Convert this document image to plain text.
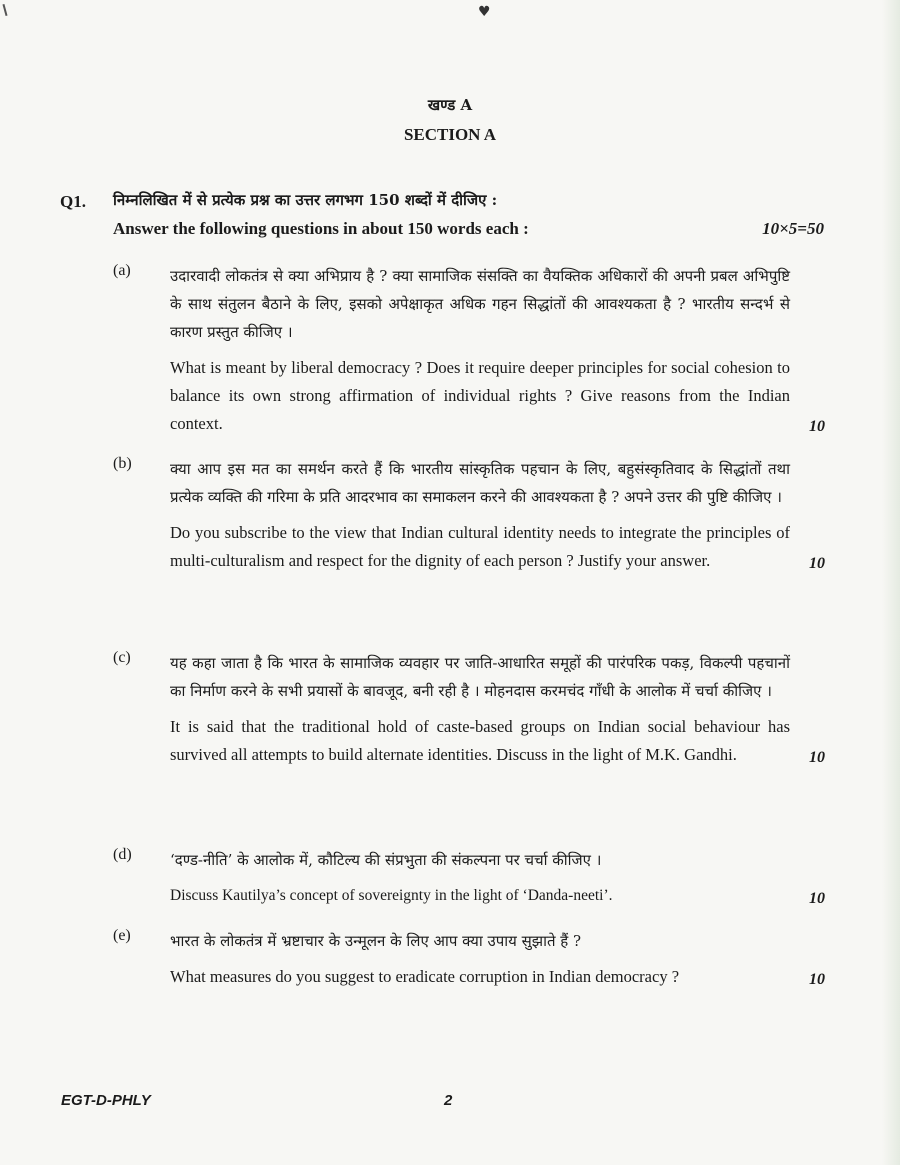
♥
खण्ड A
SECTION A
Q1. निम्नलिखित में से प्रत्येक प्रश्न का उत्तर लगभग 150 शब्दों में दीजिए :
Answer the following questions in about 150 words each :	10×5=50
(a)	उदारवादी लोकतंत्र से क्या अभिप्राय है ? क्या सामाजिक संसक्ति का वैयक्तिक अधिकारों की अपनी प्रबल अभिपुष्टि के साथ संतुलन बैठाने के लिए, इसको अपेक्षाकृत अधिक गहन सिद्धांतों की आवश्यकता है ? भारतीय सन्दर्भ से कारण प्रस्तुत कीजिए ।
What is meant by liberal democracy ? Does it require deeper principles for social cohesion to balance its own strong affirmation of individual rights ? Give reasons from the Indian context.	10
(b)	क्या आप इस मत का समर्थन करते हैं कि भारतीय सांस्कृतिक पहचान के लिए, बहुसंस्कृतिवाद के सिद्धांतों तथा प्रत्येक व्यक्ति की गरिमा के प्रति आदरभाव का समाकलन करने की आवश्यकता है ? अपने उत्तर की पुष्टि कीजिए ।
Do you subscribe to the view that Indian cultural identity needs to integrate the principles of multi-culturalism and respect for the dignity of each person ? Justify your answer.	10
(c)	यह कहा जाता है कि भारत के सामाजिक व्यवहार पर जाति-आधारित समूहों की पारंपरिक पकड़, विकल्पी पहचानों का निर्माण करने के सभी प्रयासों के बावजूद, बनी रही है । मोहनदास करमचंद गाँधी के आलोक में चर्चा कीजिए ।
It is said that the traditional hold of caste-based groups on Indian social behaviour has survived all attempts to build alternate identities. Discuss in the light of M.K. Gandhi.	10
(d)	‘दण्ड-नीति’ के आलोक में, कौटिल्य की संप्रभुता की संकल्पना पर चर्चा कीजिए ।
Discuss Kautilya’s concept of sovereignty in the light of ‘Danda-neeti’.	10
(e)	भारत के लोकतंत्र में भ्रष्टाचार के उन्मूलन के लिए आप क्या उपाय सुझाते हैं ?
What measures do you suggest to eradicate corruption in Indian democracy ?	10
EGT-D-PHLY	2
